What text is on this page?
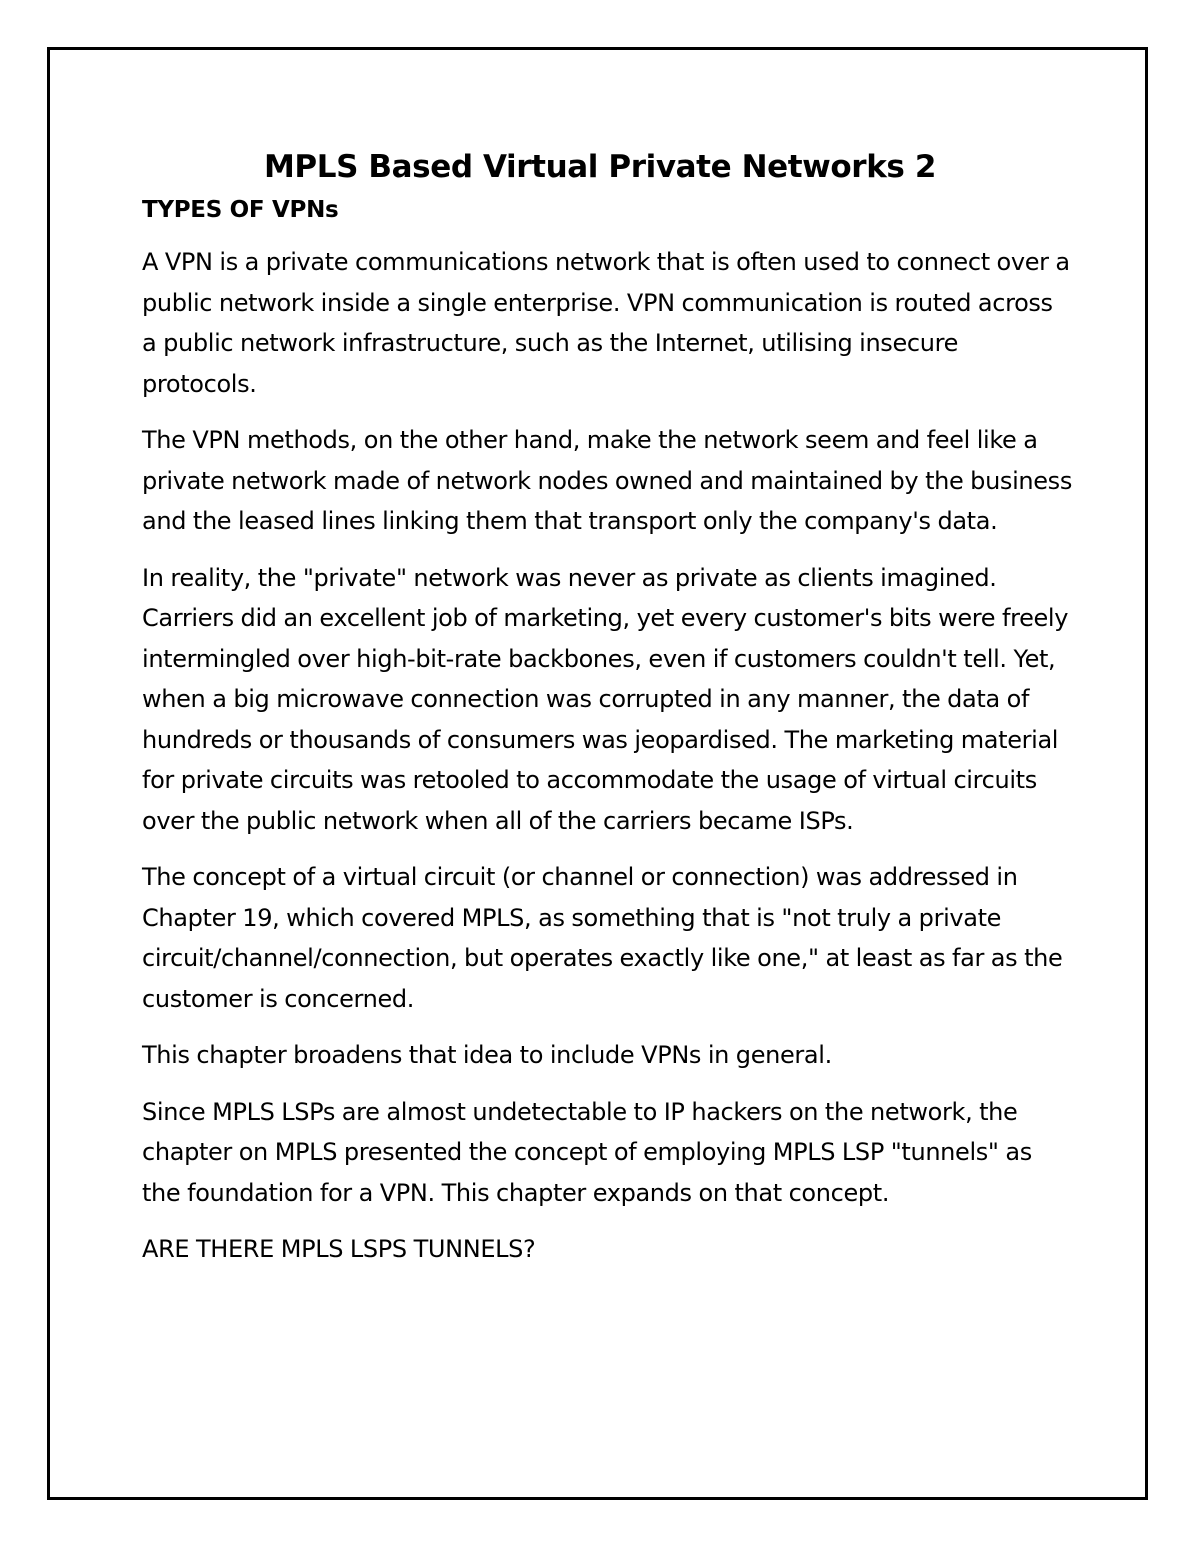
MPLS Based Virtual Private Networks 2
TYPES OF VPNs

A VPN is a private communications network that is often used to connect over a public network inside a single enterprise. VPN communication is routed across a public network infrastructure, such as the Internet, utilising insecure protocols.

The VPN methods, on the other hand, make the network seem and feel like a private network made of network nodes owned and maintained by the business and the leased lines linking them that transport only the company's data.

In reality, the "private" network was never as private as clients imagined. Carriers did an excellent job of marketing, yet every customer's bits were freely intermingled over high-bit-rate backbones, even if customers couldn't tell. Yet, when a big microwave connection was corrupted in any manner, the data of hundreds or thousands of consumers was jeopardised. The marketing material for private circuits was retooled to accommodate the usage of virtual circuits over the public network when all of the carriers became ISPs.

The concept of a virtual circuit (or channel or connection) was addressed in Chapter 19, which covered MPLS, as something that is "not truly a private circuit/channel/connection, but operates exactly like one," at least as far as the customer is concerned.

This chapter broadens that idea to include VPNs in general.

Since MPLS LSPs are almost undetectable to IP hackers on the network, the chapter on MPLS presented the concept of employing MPLS LSP "tunnels" as the foundation for a VPN. This chapter expands on that concept.

ARE THERE MPLS LSPS TUNNELS?
